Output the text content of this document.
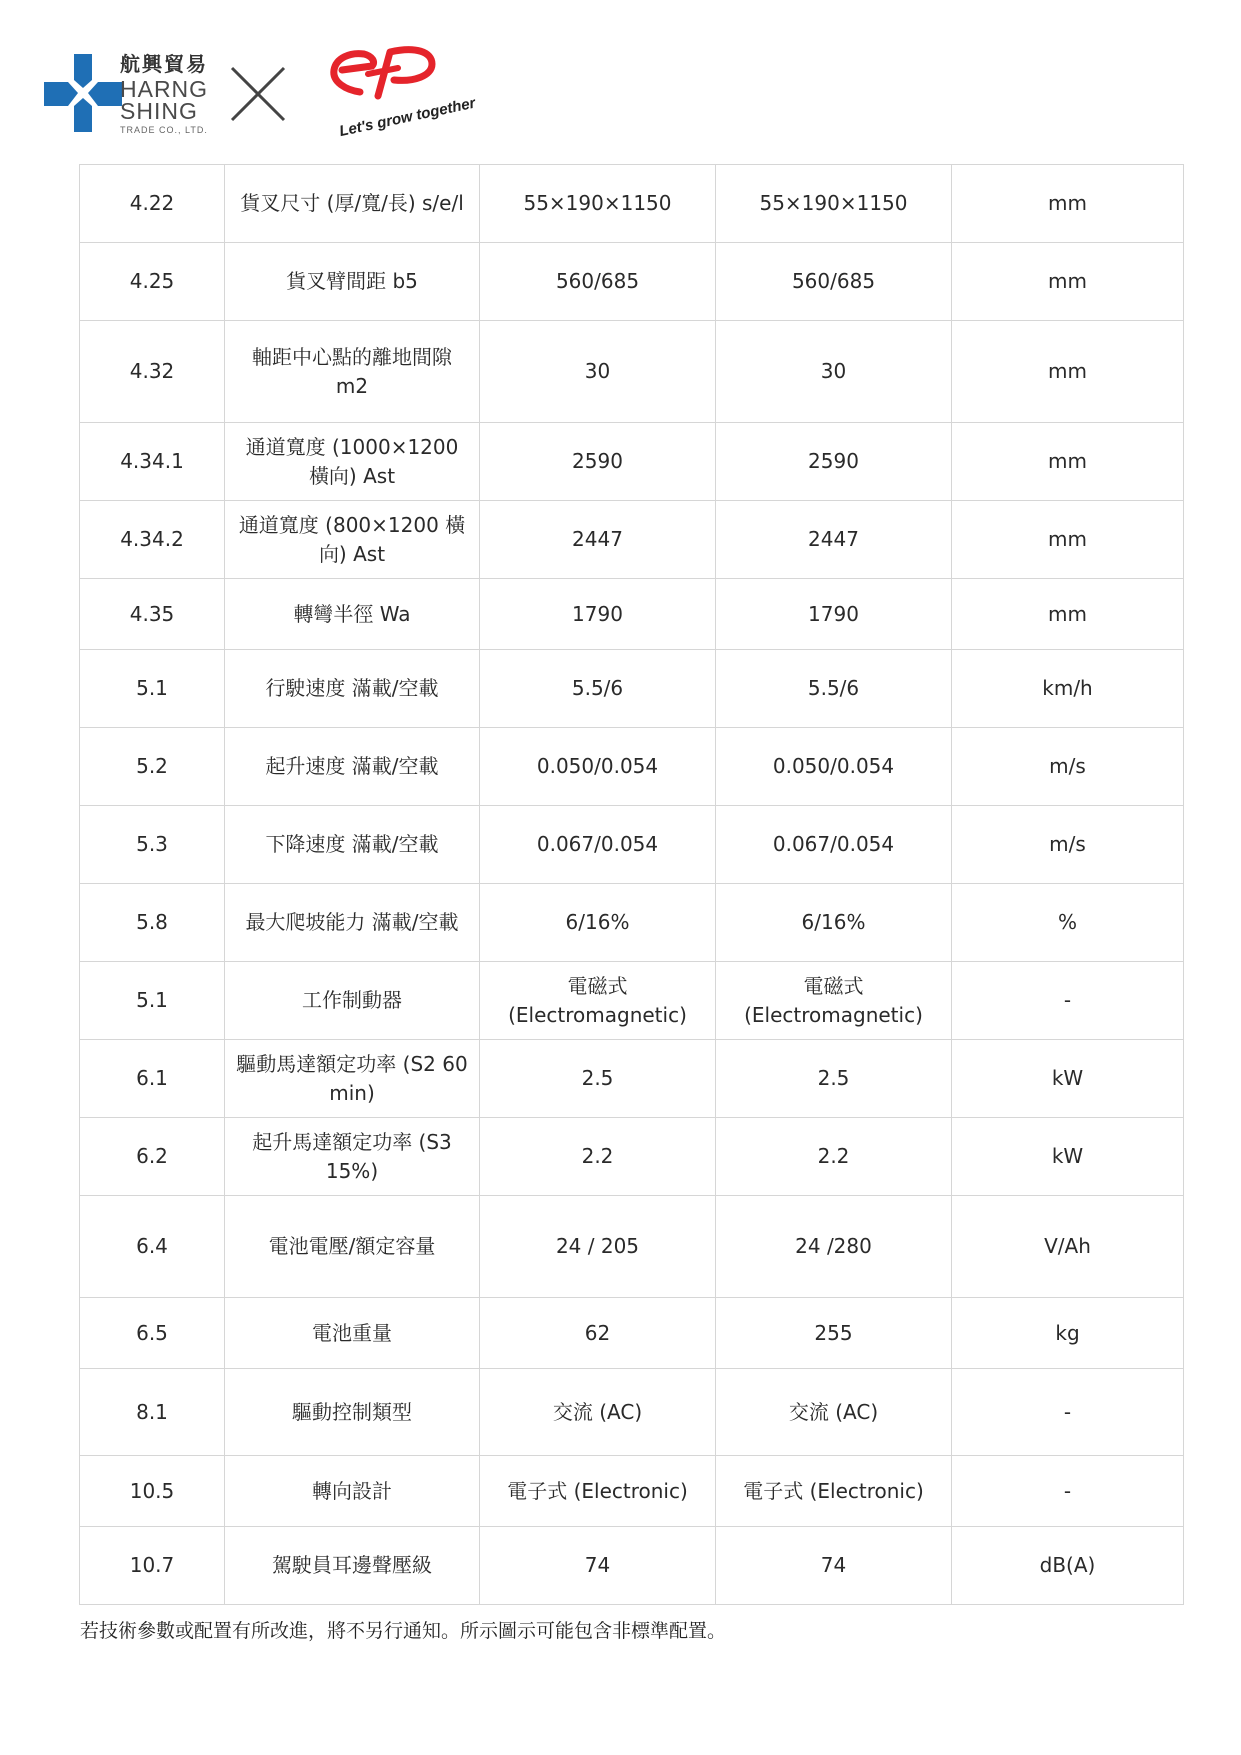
航興貿易
HARNG
SHING
TRADE CO., LTD.	Let's grow together
4.22	貨叉尺寸 (厚/寬/長) s/e/l	55×190×1150	55×190×1150	mm
4.25	貨叉臂間距 b5	560/685	560/685	mm
4.32	軸距中心點的離地間隙 m2	30	30	mm
4.34.1	通道寬度 (1000×1200 橫向) Ast	2590	2590	mm
4.34.2	通道寬度 (800×1200 橫向) Ast	2447	2447	mm
4.35	轉彎半徑 Wa	1790	1790	mm
5.1	行駛速度 滿載/空載	5.5/6	5.5/6	km/h
5.2	起升速度 滿載/空載	0.050/0.054	0.050/0.054	m/s
5.3	下降速度 滿載/空載	0.067/0.054	0.067/0.054	m/s
5.8	最大爬坡能力 滿載/空載	6/16%	6/16%	%
5.1	工作制動器	電磁式 (Electromagnetic)	電磁式 (Electromagnetic)	-
6.1	驅動馬達額定功率 (S2 60 min)	2.5	2.5	kW
6.2	起升馬達額定功率 (S3 15%)	2.2	2.2	kW
6.4	電池電壓/額定容量	24 / 205	24 /280	V/Ah
6.5	電池重量	62	255	kg
8.1	驅動控制類型	交流 (AC)	交流 (AC)	-
10.5	轉向設計	電子式 (Electronic)	電子式 (Electronic)	-
10.7	駕駛員耳邊聲壓級	74	74	dB(A)
若技術參數或配置有所改進，將不另行通知。所示圖示可能包含非標準配置。
